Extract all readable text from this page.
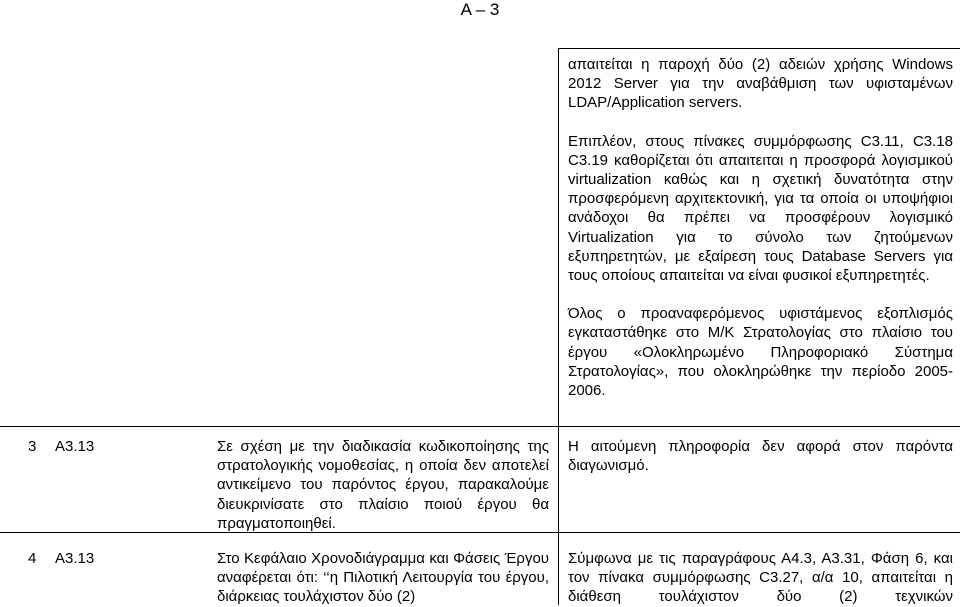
Α – 3

απαιτείται η παροχή δύο (2) αδειών χρήσης Windows 2012 Server για την αναβάθμιση των υφισταμένων LDAP/Application servers.

Επιπλέον, στους πίνακες συμμόρφωσης C3.11, C3.18 C3.19 καθορίζεται ότι απαιτειται η προσφορά λογισμικού virtualization καθώς και η σχετική δυνατότητα στην προσφερόμενη αρχιτεκτονική, για τα οποία οι υποψήφιοι ανάδοχοι θα πρέπει να προσφέρουν λογισμικό Virtualization για το σύνολο των ζητούμενων εξυπηρετητών, με εξαίρεση τους Database Servers για τους οποίους απαιτείται να είναι φυσικοί εξυπηρετητές.

Όλος ο προαναφερόμενος υφιστάμενος εξοπλισμός εγκαταστάθηκε στο Μ/Κ Στρατολογίας στο πλαίσιο του έργου «Ολοκληρωμένο Πληροφοριακό Σύστημα Στρατολογίας», που ολοκληρώθηκε την περίοδο 2005-2006.

3 Α3.13	Σε σχέση με την διαδικασία κωδικοποίησης της στρατολογικής νομοθεσίας, η οποία δεν αποτελεί αντικείμενο του παρόντος έργου, παρακαλούμε διευκρινίσατε στο πλαίσιο ποιού έργου θα πραγματοποιηθεί.
Η αιτούμενη πληροφορία δεν αφορά στον παρόντα διαγωνισμό.
4 Α3.13	Στο Κεφάλαιο Χρονοδιάγραμμα και Φάσεις Έργου αναφέρεται ότι: ‘‘η Πιλοτική Λειτουργία του έργου, διάρκειας τουλάχιστον δύο (2)
Σύμφωνα με τις παραγράφους Α4.3, Α3.31, Φάση 6, και τον πίνακα συμμόρφωσης C3.27, α/α 10, απαιτείται η διάθεση τουλάχιστον δύο (2) τεχνικών
